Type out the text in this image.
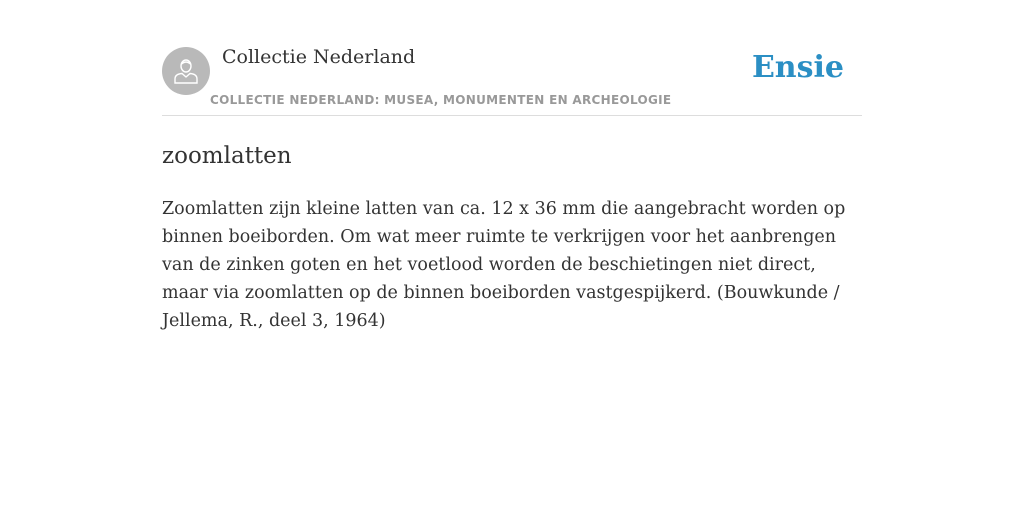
Collectie Nederland
COLLECTIE NEDERLAND: MUSEA, MONUMENTEN EN ARCHEOLOGIE
Ensie
zoomlatten
Zoomlatten zijn kleine latten van ca. 12 x 36 mm die aangebracht worden op binnen boeiborden. Om wat meer ruimte te verkrijgen voor het aanbrengen van de zinken goten en het voetlood worden de beschietingen niet direct, maar via zoomlatten op de binnen boeiborden vastgespijkerd. (Bouwkunde / Jellema, R., deel 3, 1964)
